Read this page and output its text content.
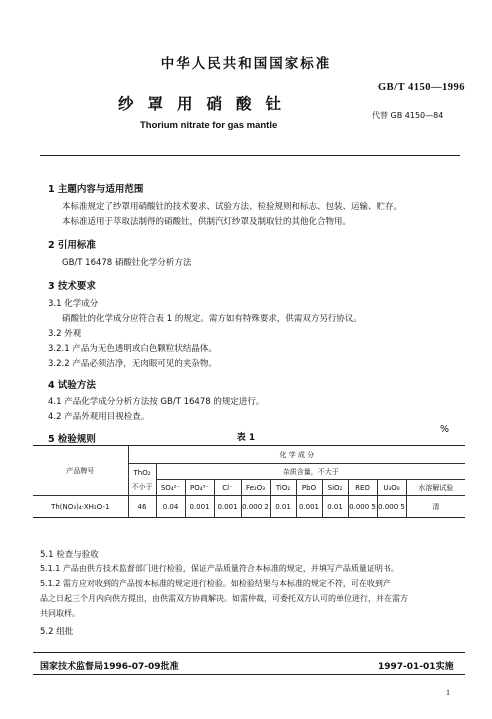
中华人民共和国国家标准
GB/T 4150—1996
纱罩用硝酸钍
代替 GB 4150—84
Thorium nitrate for gas mantle
1 主题内容与适用范围
本标准规定了纱罩用硝酸钍的技术要求、试验方法、检验规则和标志、包装、运输、贮存。
本标准适用于萃取法制得的硝酸钍，供制汽灯纱罩及制取钍的其他化合物用。
2 引用标准
GB/T 16478 硝酸钍化学分析方法
3 技术要求
3.1 化学成分
硝酸钍的化学成分应符合表 1 的规定。需方如有特殊要求，供需双方另行协议。
3.2 外观
3.2.1 产品为无色透明或白色颗粒状结晶体。
3.2.2 产品必须洁净，无肉眼可见的夹杂物。
4 试验方法
4.1 产品化学成分分析方法按 GB/T 16478 的规定进行。
4.2 产品外观用目视检查。
5 检验规则	表 1
%
产品牌号	化 学 成 分										

	ThO₂
不小于	杂质含量，不大于									
		SO₄²⁻	PO₄³⁻	Cl⁻	Fe₂O₃	TiO₂	PbO	SiO₂	REO	U₃O₈	水溶解试验
Th(NO₃)₄·XH₂O-1	46	0.04	0.001	0.001	0.000 2	0.01	0.001	0.01	0.000 5	0.000 5	清
5.1 检查与验收
5.1.1 产品由供方技术监督部门进行检验，保证产品质量符合本标准的规定，并填写产品质量证明书。
5.1.2 需方应对收到的产品按本标准的规定进行检验。如检验结果与本标准的规定不符，可在收到产
品之日起三个月内向供方提出，由供需双方协商解决。如需仲裁，可委托双方认可的单位进行，并在需方
共同取样。
5.2 组批
国家技术监督局1996-07-09批准	1997-01-01实施
1
